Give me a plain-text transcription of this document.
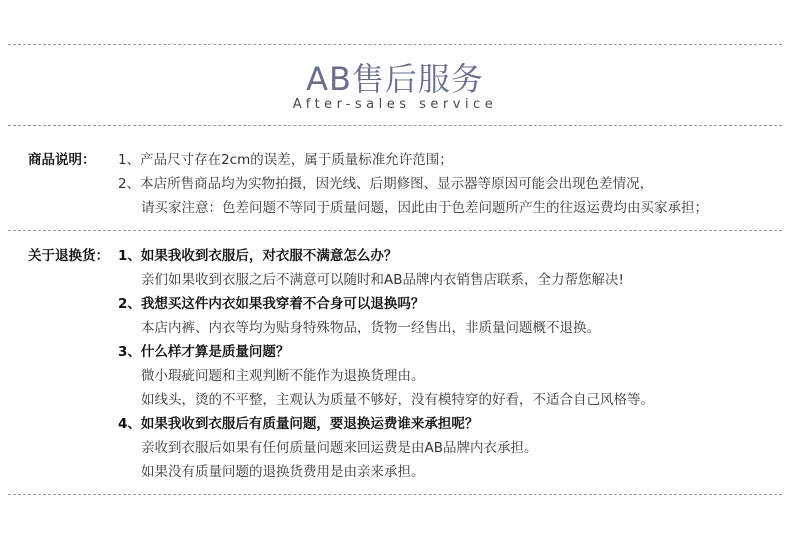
AB售后服务
After-sales service
商品说明： 1、产品尺寸存在2cm的误差，属于质量标准允许范围；
2、本店所售商品均为实物拍摄，因光线、后期修图、显示器等原因可能会出现色差情况，
请买家注意：色差问题不等同于质量问题，因此由于色差问题所产生的往返运费均由买家承担；
关于退换货： 1、如果我收到衣服后，对衣服不满意怎么办？
亲们如果收到衣服之后不满意可以随时和AB品牌内衣销售店联系，全力帮您解决!
2、我想买这件内衣如果我穿着不合身可以退换吗？
本店内裤、内衣等均为贴身特殊物品，货物一经售出，非质量问题概不退换。
3、什么样才算是质量问题？
微小瑕疵问题和主观判断不能作为退换货理由。
如线头，烫的不平整，主观认为质量不够好，没有模特穿的好看，不适合自己风格等。
4、如果我收到衣服后有质量问题，要退换运费谁来承担呢？
亲收到衣服后如果有任何质量问题来回运费是由AB品牌内衣承担。
如果没有质量问题的退换货费用是由亲来承担。
